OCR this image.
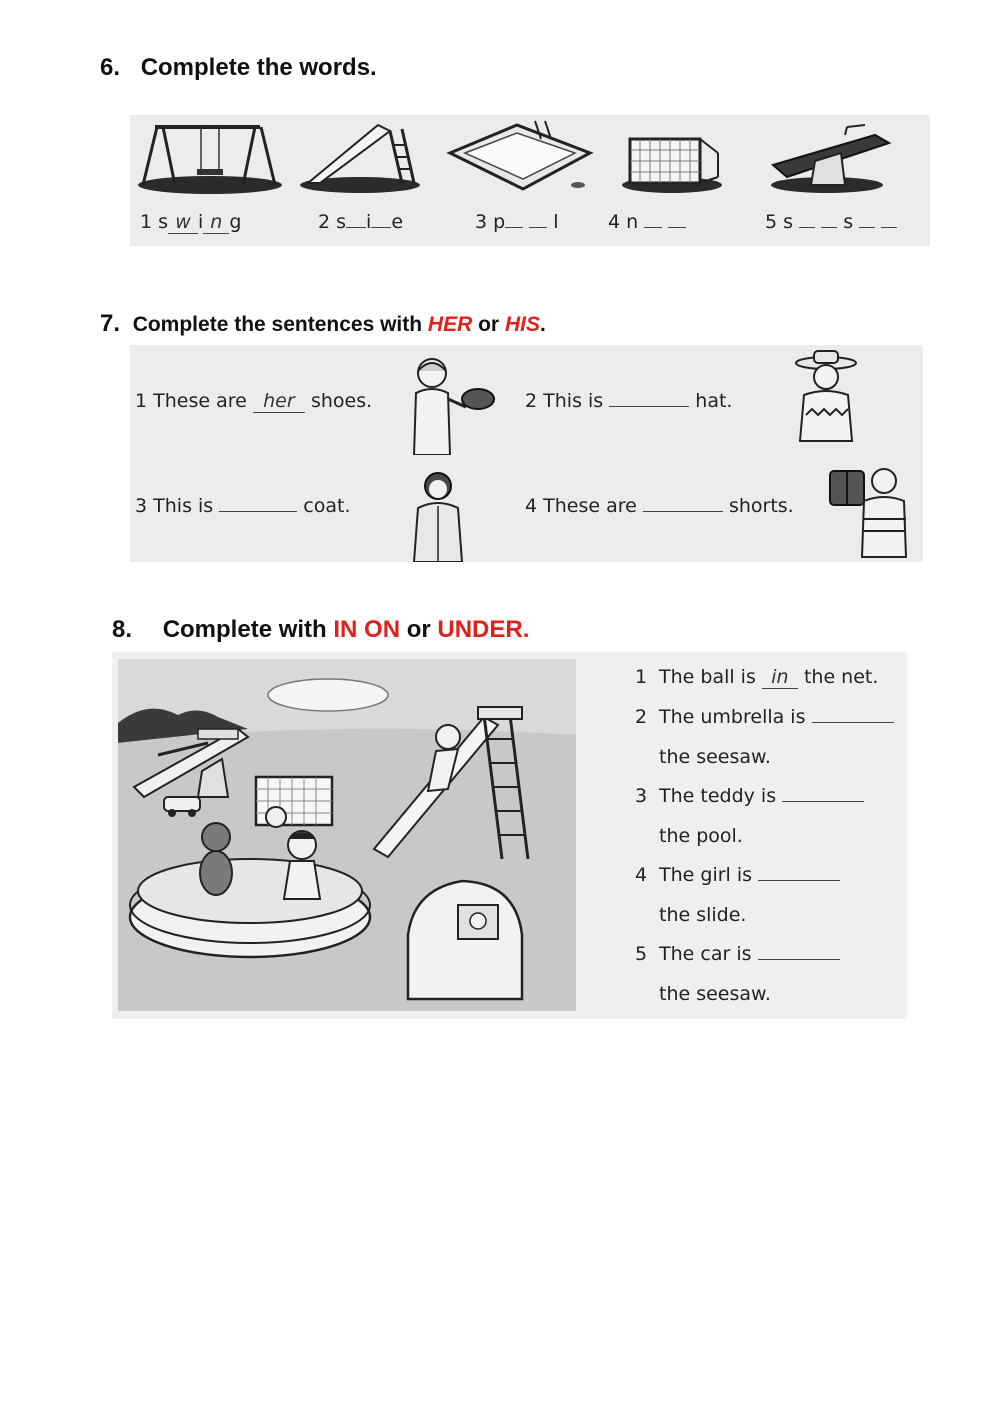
6. Complete the words.
1 s w i n g	2 s i e	3 p	l	4 n	5 s	s
7. Complete the sentences with HER or HIS.
1 These are her shoes.	2 This is	hat.
3 This is	coat.	4 These are	shorts.
8. Complete with IN ON or UNDER.
1 The ball is in the net.
2 The umbrella is
the seesaw.
3 The teddy is
the pool.
4 The girl is
the slide.
5 The car is
the seesaw.
